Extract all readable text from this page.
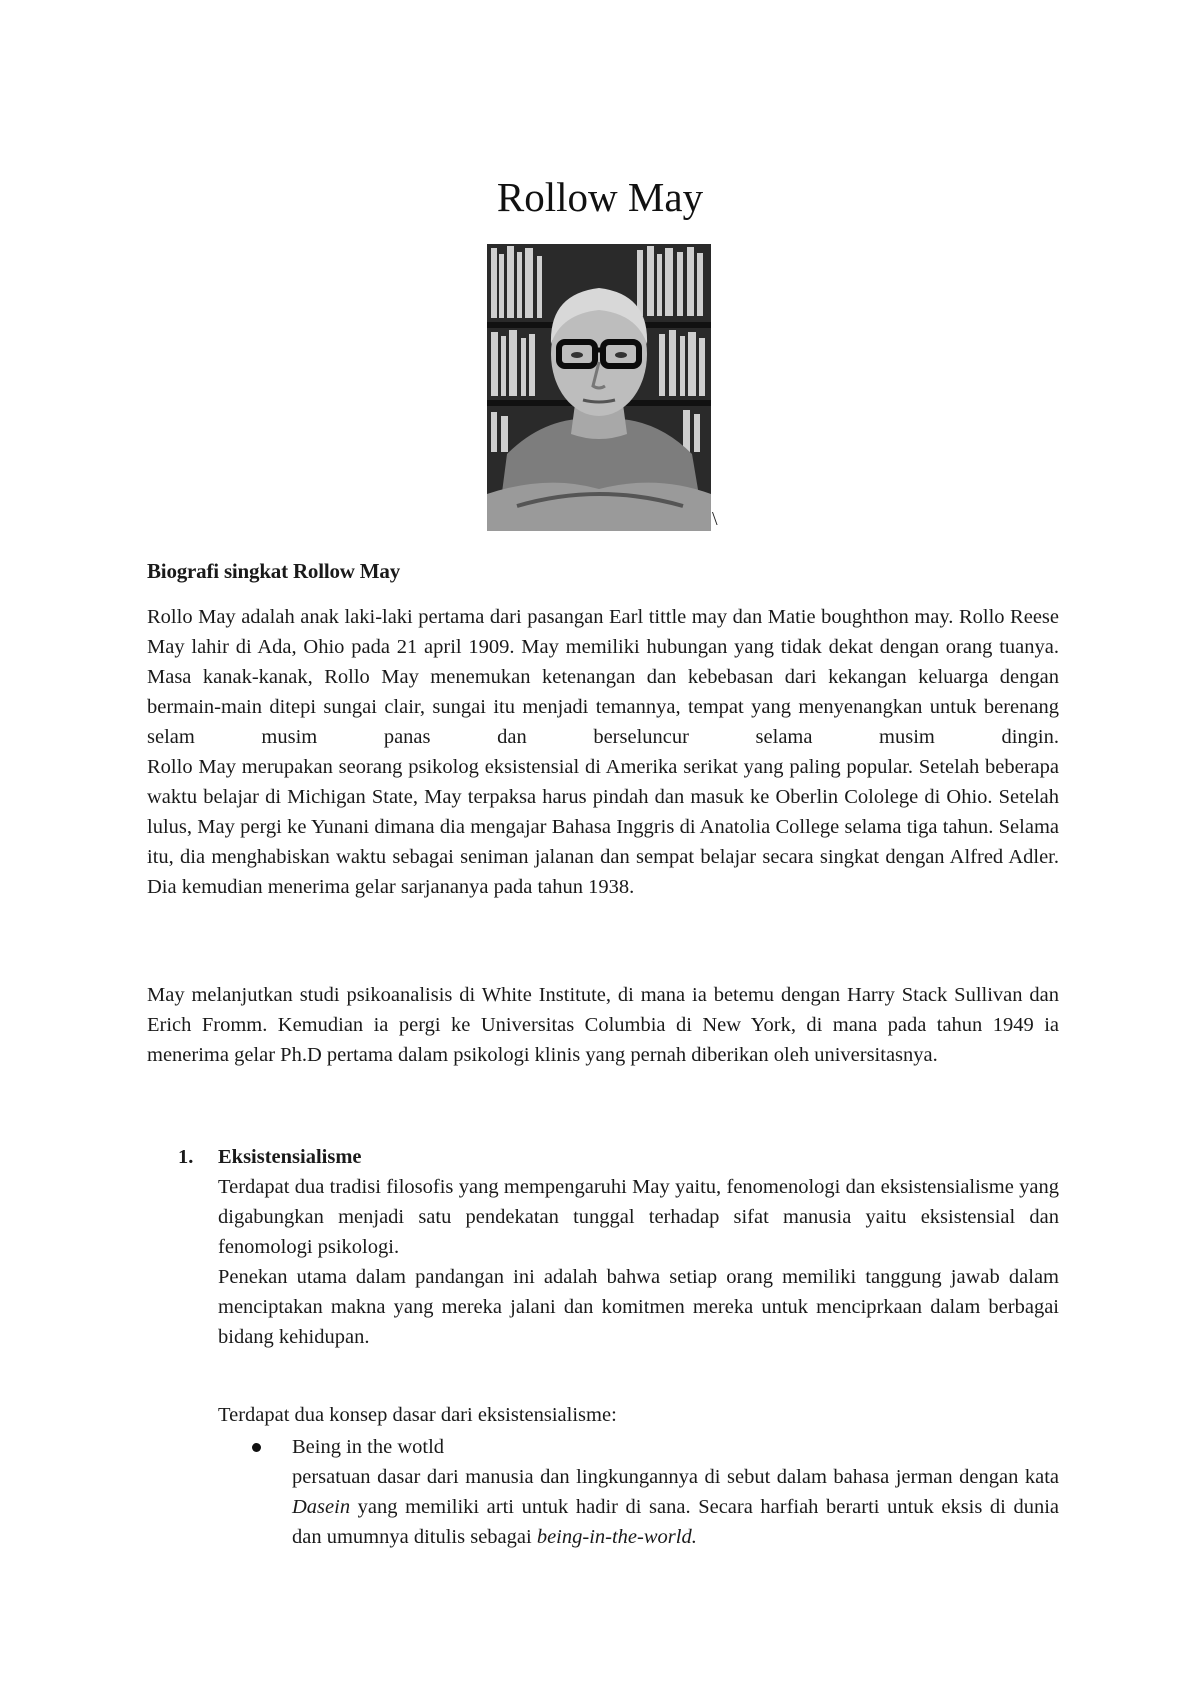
Rollow May
\
Biografi singkat Rollow May

Rollo May adalah anak laki-laki pertama dari pasangan Earl tittle may dan Matie boughthon may. Rollo Reese May lahir di Ada, Ohio pada 21 april 1909. May memiliki hubungan yang tidak dekat dengan orang tuanya. Masa kanak-kanak, Rollo May menemukan ketenangan dan kebebasan dari kekangan keluarga dengan bermain-main ditepi sungai clair, sungai itu menjadi temannya, tempat yang menyenangkan untuk berenang selam musim panas dan berseluncur selama musim dingin.

Rollo May merupakan seorang psikolog eksistensial di Amerika serikat yang paling popular. Setelah beberapa waktu belajar di Michigan State, May terpaksa harus pindah dan masuk ke Oberlin Cololege di Ohio. Setelah lulus, May pergi ke Yunani dimana dia mengajar Bahasa Inggris di Anatolia College selama tiga tahun. Selama itu, dia menghabiskan waktu sebagai seniman jalanan dan sempat belajar secara singkat dengan Alfred Adler. Dia kemudian menerima gelar sarjananya pada tahun 1938.

May melanjutkan studi psikoanalisis di White Institute, di mana ia betemu dengan Harry Stack Sullivan dan Erich Fromm. Kemudian ia pergi ke Universitas Columbia di New York, di mana pada tahun 1949 ia menerima gelar Ph.D pertama dalam psikologi klinis yang pernah diberikan oleh universitasnya.

1. Eksistensialisme

Terdapat dua tradisi filosofis yang mempengaruhi May yaitu, fenomenologi dan eksistensialisme yang digabungkan menjadi satu pendekatan tunggal terhadap sifat manusia yaitu eksistensial dan fenomologi psikologi.

Penekan utama dalam pandangan ini adalah bahwa setiap orang memiliki tanggung jawab dalam menciptakan makna yang mereka jalani dan komitmen mereka untuk menciprkaan dalam berbagai bidang kehidupan.

Terdapat dua konsep dasar dari eksistensialisme:
Being in the wotld

persatuan dasar dari manusia dan lingkungannya di sebut dalam bahasa jerman dengan kata Dasein yang memiliki arti untuk hadir di sana. Secara harfiah berarti untuk eksis di dunia dan umumnya ditulis sebagai being-in-the-world.
